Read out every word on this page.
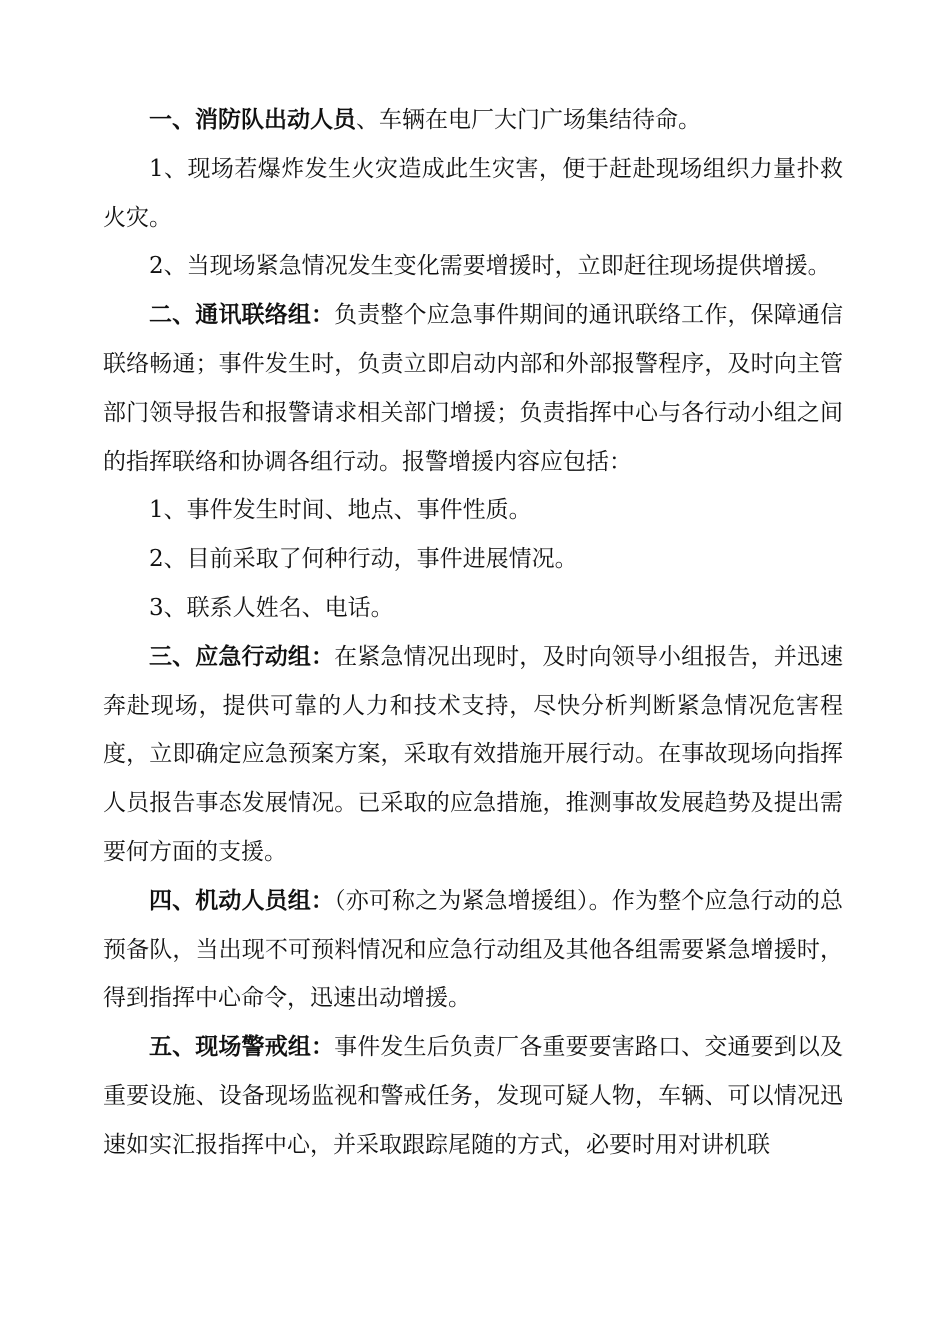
一、消防队出动人员、车辆在电厂大门广场集结待命。

1、现场若爆炸发生火灾造成此生灾害，便于赶赴现场组织力量扑救火灾。

2、当现场紧急情况发生变化需要增援时，立即赶往现场提供增援。

二、通讯联络组：负责整个应急事件期间的通讯联络工作，保障通信联络畅通；事件发生时，负责立即启动内部和外部报警程序，及时向主管部门领导报告和报警请求相关部门增援；负责指挥中心与各行动小组之间的指挥联络和协调各组行动。报警增援内容应包括：

1、事件发生时间、地点、事件性质。

2、目前采取了何种行动，事件进展情况。

3、联系人姓名、电话。

三、应急行动组：在紧急情况出现时，及时向领导小组报告，并迅速奔赴现场，提供可靠的人力和技术支持，尽快分析判断紧急情况危害程度，立即确定应急预案方案，采取有效措施开展行动。在事故现场向指挥人员报告事态发展情况。已采取的应急措施，推测事故发展趋势及提出需要何方面的支援。

四、机动人员组：（亦可称之为紧急增援组）。作为整个应急行动的总预备队，当出现不可预料情况和应急行动组及其他各组需要紧急增援时，得到指挥中心命令，迅速出动增援。

五、现场警戒组：事件发生后负责厂各重要要害路口、交通要到以及重要设施、设备现场监视和警戒任务，发现可疑人物，车辆、可以情况迅速如实汇报指挥中心，并采取跟踪尾随的方式，必要时用对讲机联
